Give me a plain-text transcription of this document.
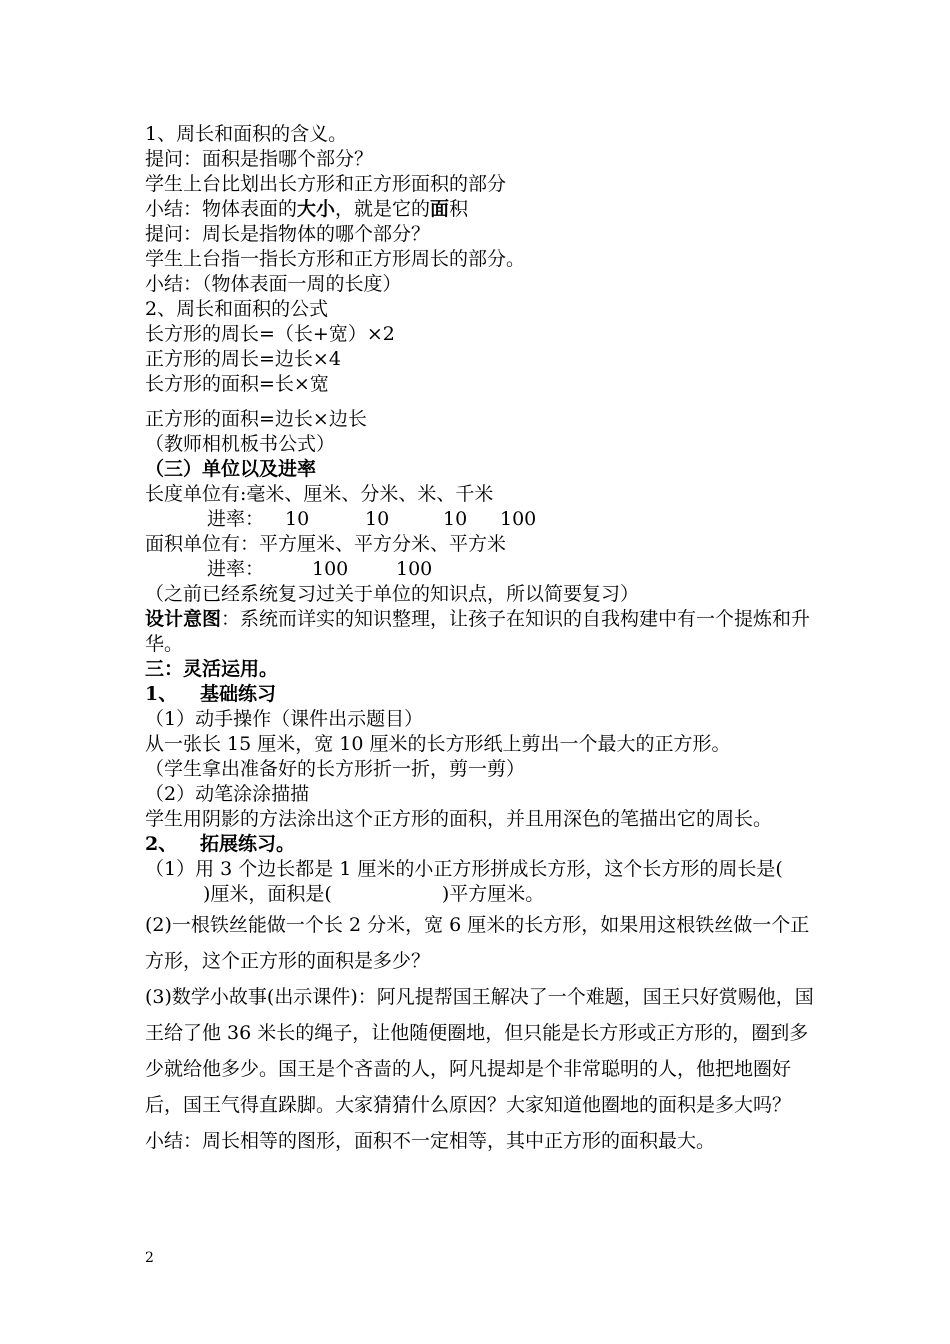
1、周长和面积的含义。
提问：面积是指哪个部分？
学生上台比划出长方形和正方形面积的部分
小结：物体表面的大小，就是它的面积
提问：周长是指物体的哪个部分？
学生上台指一指长方形和正方形周长的部分。
小结：（物体表面一周的长度）
2、周长和面积的公式
长方形的周长=（长+宽）×2
正方形的周长=边长×4
长方形的面积=长×宽
正方形的面积=边长×边长
（教师相机板书公式）
（三）单位以及进率
长度单位有:毫米、厘米、分米、米、千米
进率： 10	10	10 100
面积单位有：平方厘米、平方分米、平方米
进率：	100	100
（之前已经系统复习过关于单位的知识点，所以简要复习）
设计意图：系统而详实的知识整理，让孩子在知识的自我构建中有一个提炼和升华。
三：灵活运用。
1、 基础练习
（1）动手操作（课件出示题目）
从一张长 15 厘米，宽 10 厘米的长方形纸上剪出一个最大的正方形。
（学生拿出准备好的长方形折一折，剪一剪）
（2）动笔涂涂描描
学生用阴影的方法涂出这个正方形的面积，并且用深色的笔描出它的周长。
2、 拓展练习。
（1）用 3 个边长都是 1 厘米的小正方形拼成长方形，这个长方形的周长是()厘米，面积是(	)平方厘米。
(2)一根铁丝能做一个长 2 分米，宽 6 厘米的长方形，如果用这根铁丝做一个正方形，这个正方形的面积是多少？
(3)数学小故事(出示课件)：阿凡提帮国王解决了一个难题，国王只好赏赐他，国王给了他 36 米长的绳子，让他随便圈地，但只能是长方形或正方形的，圈到多少就给他多少。国王是个吝啬的人，阿凡提却是个非常聪明的人，他把地圈好后，国王气得直跺脚。大家猜猜什么原因？大家知道他圈地的面积是多大吗？
小结：周长相等的图形，面积不一定相等，其中正方形的面积最大。
2
